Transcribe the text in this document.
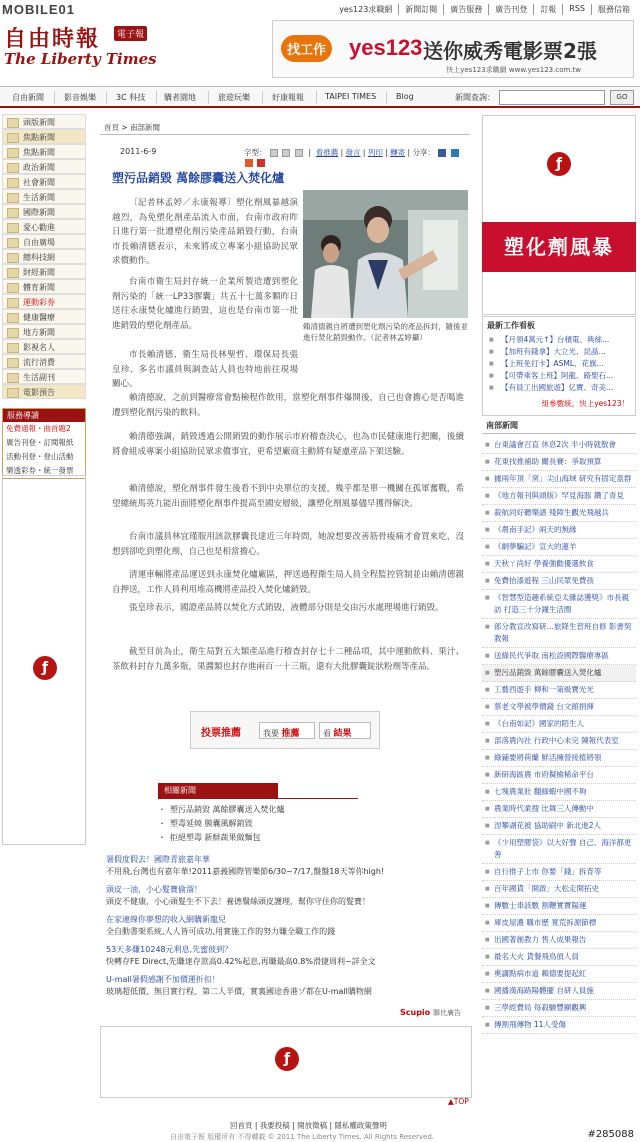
MOBILE01	yes123求職網	新聞訂閱	廣告服務	廣告刊登	訂報	RSS	服務信箱
自由時報	電子報
The Liberty Times	找工作 yes123 送你威秀電影票2張
快上yes123求職網 www.yes123.com.tw
自由新聞	影音娛樂	3C 科技 購者園地	旅遊玩樂	好康報報	TAIPEI TIMES Blog	新聞查詢：	GO
頭版新聞
焦點新聞
焦點新聞
政治新聞
社會新聞
生活新聞
國際新聞
愛心勸進
自由廣場
總科技網
財經新聞
體育新聞
運動彩券
健康醫療
地方新聞
影視名人
流行消費
生活副刊
電影預告
服務導讀
免費通報・曲首題2
廣告刊登・訂閱報紙
活動刊登・登山活動
樂透彩券・統一發票
ƒ
首頁 > 南部新聞
2011-6-9	字型：	|  看推薦 | 發言 | 列印 | 轉寄 | 分享：
塑污品銷毀 萬餘膠囊送入焚化爐
〔記者林孟婷／永康報導〕塑化劑風暴越演越烈，為免塑化劑產品流入市面，台南市政府昨日進行第一批遭塑化劑污染產品銷毀行動，台南市長賴清德表示，未來將成立專案小組協助民眾求償動作。
台南市衛生局封存統一企業所製造遭到塑化劑污染的「統一LP33膠囊」共五十七萬多顆昨日送往永康焚化爐進行銷毀，這也是台南市第一批進銷毀的塑化劑產品。
市長賴清德、衛生局長林聖哲、環保局長張皇珍、多名市議員與調查站人員也特地前往現場關心。
賴清德親自將遭到塑化劑污染的產品拆封，隨後並進行焚化銷毀動作。（記者林孟婷攝）
賴清德說，之前到醫療常會點檢程作飲用，當塑化劑事件爆開後，自己也會擔心是否喝進遭到塑化劑污染的飲料。
賴清德強調，銷毀透過公開銷毀的動作展示市府稽查決心，也為市民健康進行把關，後續將會組成專案小組協助民眾求償事宜，更希望廠商主動將有疑慮產品下架送驗。
賴清德說，塑化劑事件發生後看不到中央單位的支援，幾乎都是單一機關在孤軍奮戰，希望總統馬英九能出面將塑化劑事件提高至國安層級，讓塑化劑風暴儘早獲得解決。
台南市議員林宜瑾服用該款膠囊長達近三年時間，她說想要改善筋骨痠痛才會買來吃，沒想到卻吃到塑化劑，自己也是相當擔心。
清運車輛將產品運送到永康焚化爐廠區，押送過程衛生局人員全程監控管制並由賴清德親自押送，工作人員利用堆高機將產品投入焚化爐銷毀。
張皇珍表示，國證產品將以焚化方式銷毀，液體部分則是交由污水處理場進行銷毀。
截至目前為止，衛生局對五大類產品進行稽查封存七十二種品項，其中運動飲料、果汁、茶飲料封存九萬多瓶，果醬類也封存進兩百一十三瓶，還有大批膠囊錠狀粉劑等產品。
投票推薦	我要 推薦	看 結果
相關新聞
・ 塑污品銷毀 萬餘膠囊送入焚化爐
・ 塑毒延燒 膜囊風解銷毀
・ 拒絕塑毒 新鮮蔬果做麵包
暑假度假去！國際青旅嘉年華
不用飛,台灣也有嘉年華!2011嘉義國際管樂節6/30~7/17,盤盤18天等你high!
頭皮一油，小心髮寶偷溜！
頭皮不健康，小心頭髮生不下去！養德鬚絲頭皮護理，幫你守住你的髮寶！
在家連線你夢想的收入網購新龍兒
全自動書架系統,人人皆可成功,用實施工作的努力賺全職工作的錢
53天多賺10248元利息,先蜜彼到？
快轉存FE Direct,先賺達存款高0.42%起息,再賺最高0.8%滑捷周利~詳全文
U-mall暑假感謝不加價運折扣！
玻璃超低價、無目實行程、第二人半價，實裏國途香港ゾ都在U-mall購物網
Scupio 聯比廣告
ƒ
▲TOP
ƒ
塑化劑風暴
最新工作看板
■ 【月領4萬元↑】台積電、典絲...
■ 【加班有錢拿】大立光、昆晶...
■ 【上班免打卡】ASML、花旗...
■ 【可帶乘客上班】阿龍、路聖石...
■ 【有員工出國旅遊】亿寶、奇美...
組參數統，快上yes123！
南部新聞
■ 台東議會召直 休息2次 半小時就散會
■ 花東找推補助 關長賽：爭取預算
■ 據兩年頂「窯」尖山海域 研究有固定蓋群
■ 《地方報刊與頭版》罕見海豚 鑽了青見
■ 殺航同好聽樂譜 殘障生觀光飛越兵
■ 《農南手記》兩天的無緣
■ 《網夢騙記》宣大的蓮羊
■ 天秋ㄚ尚好 學養強勸優選飲食
■ 免費抬漆遊程 三山民眾免費孩
■ 《智慧型造趣系統亞太雜誌獲獎》市長親訪 打造三十分鐘生活圈
■ 郎分教宣改寫研…旅降生習班自修 影書契教報
■ 送綠民代爭取 南松設國際醫療專區
■ 塑污品銷毀 萬餘膠囊送入焚化爐
■ 工藝西遊手 柳和一第級寶光光
■ 蔡老文學被學價錢 台文館捐揮
■ 《台南如記》國家的陌生人
■ 部落農內社 行政中心未完 陳報代表室
■ 綠鋪要將荷蘭 鮮活擁營接植將領
■ 新研海區農 市府擬檢稀命平台
■ 七塊農業壯 翻綠蝦中國不夠
■ 農業時代業搜 比舞三人傳動中
■ 涅攀湖花被 協助刷中 新北進2人
■ 《少用塑膠袋》以大好聲 自己、海洋都更善
■ 自行推子上市 你要「錢」拆背等
■ 百年國貨「開啟」大松走開拓史
■ 傳數士車該數 割鞭實寶陽運
■ 庫皮屋濃 購市歷 寬荒拆源節標
■ 出國著創教力 售人成果報告
■ 最名大火 貨餐飛鳥偵人員
■ 奧講點病市道 賴德要提起紅
■ 國播漢海路陽體擺 自研人員施
■ 三學經費局 每殺驗豐顯觀興
■ 傳割飛傳物 11人受傷
回首頁 | 我要投稿 | 開放徵稿 | 隱私權政策聲明
自由電子報 版權所有 不得轉載 © 2011 The Liberty Times. All Rights Reserved.	#285088
